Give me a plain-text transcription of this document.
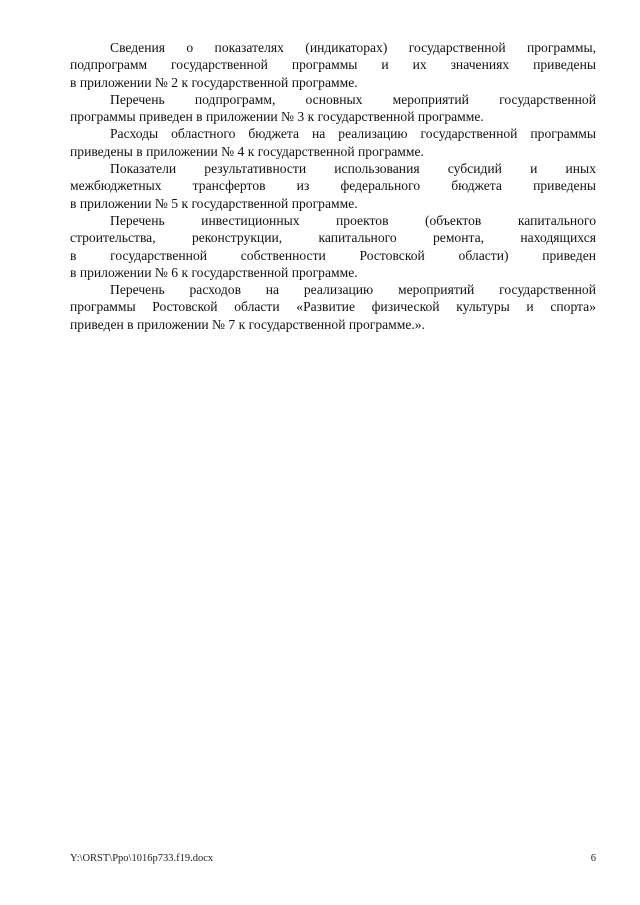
Сведения о показателях (индикаторах) государственной программы,
подпрограмм государственной программы и их значениях приведены
в приложении № 2 к государственной программе.

Перечень подпрограмм, основных мероприятий государственной
программы приведен в приложении № 3 к государственной программе.

Расходы областного бюджета на реализацию государственной программы
приведены в приложении № 4 к государственной программе.

Показатели результативности использования субсидий и иных
межбюджетных трансфертов из федерального бюджета приведены
в приложении № 5 к государственной программе.

Перечень инвестиционных проектов (объектов капитального
строительства, реконструкции, капитального ремонта, находящихся
в государственной собственности Ростовской области) приведен
в приложении № 6 к государственной программе.

Перечень расходов на реализацию мероприятий государственной
программы Ростовской области «Развитие физической культуры и спорта»
приведен в приложении № 7 к государственной программе.».

Y:\ORST\Ppo\1016p733.f19.docx	6
